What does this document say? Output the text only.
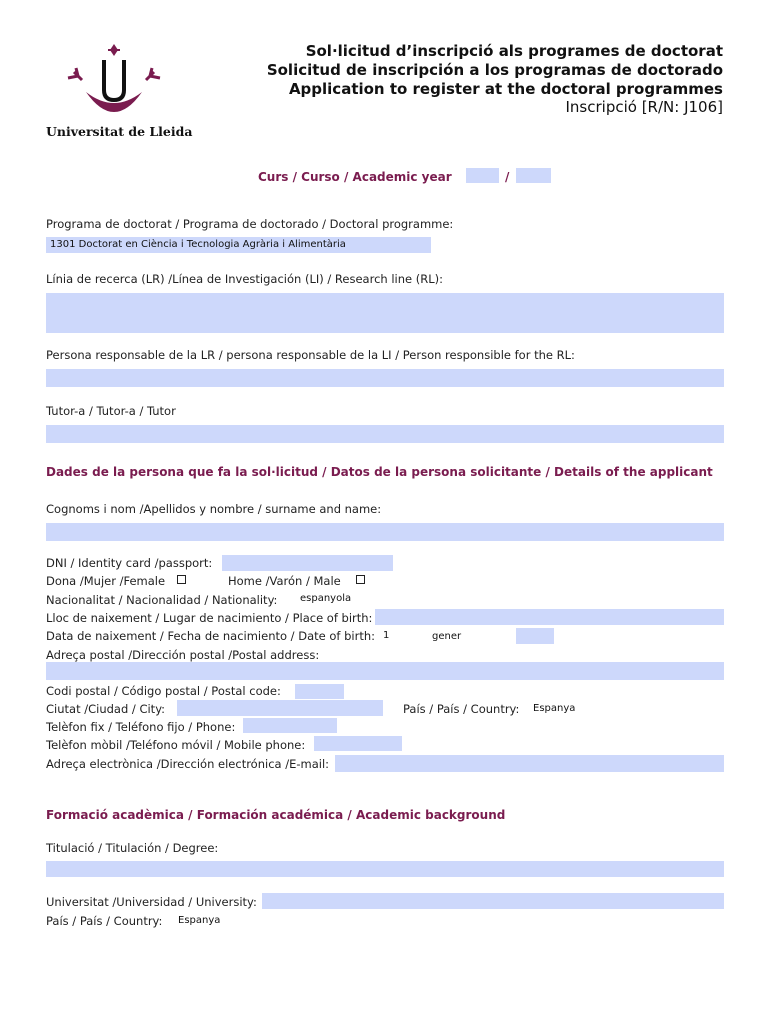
Universitat de Lleida
Sol·licitud d’inscripció als programes de doctorat
Solicitud de inscripción a los programas de doctorado
Application to register at the doctoral programmes
Inscripció [R/N: J106]
Curs / Curso / Academic year	/
Programa de doctorat / Programa de doctorado / Doctoral programme:
1301 Doctorat en Ciència i Tecnologia Agrària i Alimentària
Línia de recerca (LR) /Línea de Investigación (LI) / Research line (RL):
Persona responsable de la LR / persona responsable de la LI / Person responsible for the RL:
Tutor-a / Tutor-a / Tutor
Dades de la persona que fa la sol·licitud / Datos de la persona solicitante / Details of the applicant
Cognoms i nom /Apellidos y nombre / surname and name:
DNI / Identity card /passport:
Dona /Mujer /Female	Home /Varón / Male
Nacionalitat / Nacionalidad / Nationality: espanyola
Lloc de naixement / Lugar de nacimiento / Place of birth:
Data de naixement / Fecha de nacimiento / Date of birth: 1	gener
Adreça postal /Dirección postal /Postal address:
Codi postal / Código postal / Postal code:
Ciutat /Ciudad / City:	País / País / Country: Espanya
Telèfon fix / Teléfono fijo / Phone:
Telèfon mòbil /Teléfono móvil / Mobile phone:
Adreça electrònica /Dirección electrónica /E-mail:
Formació acadèmica / Formación académica / Academic background
Titulació / Titulación / Degree:
Universitat /Universidad / University:
País / País / Country: Espanya
